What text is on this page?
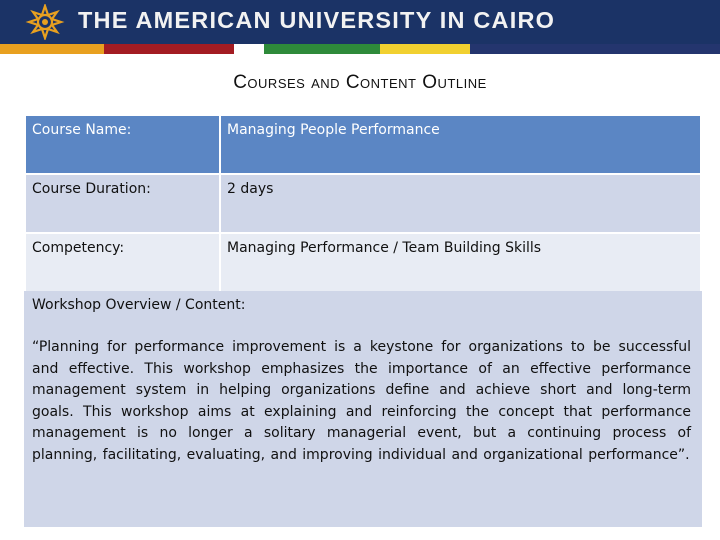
THE AMERICAN UNIVERSITY IN CAIRO
Courses and Content Outline
Course Name:	Managing People Performance
Course Duration:	2 days
Competency:	Managing Performance / Team Building Skills
Workshop Overview / Content:
“Planning for performance improvement is a keystone for organizations to be successful and effective. This workshop emphasizes the importance of an effective performance management system in helping organizations define and achieve short and long-term goals. This workshop aims at explaining and reinforcing the concept that performance management is no longer a solitary managerial event, but a continuing process of planning, facilitating, evaluating, and improving individual and organizational performance”.
